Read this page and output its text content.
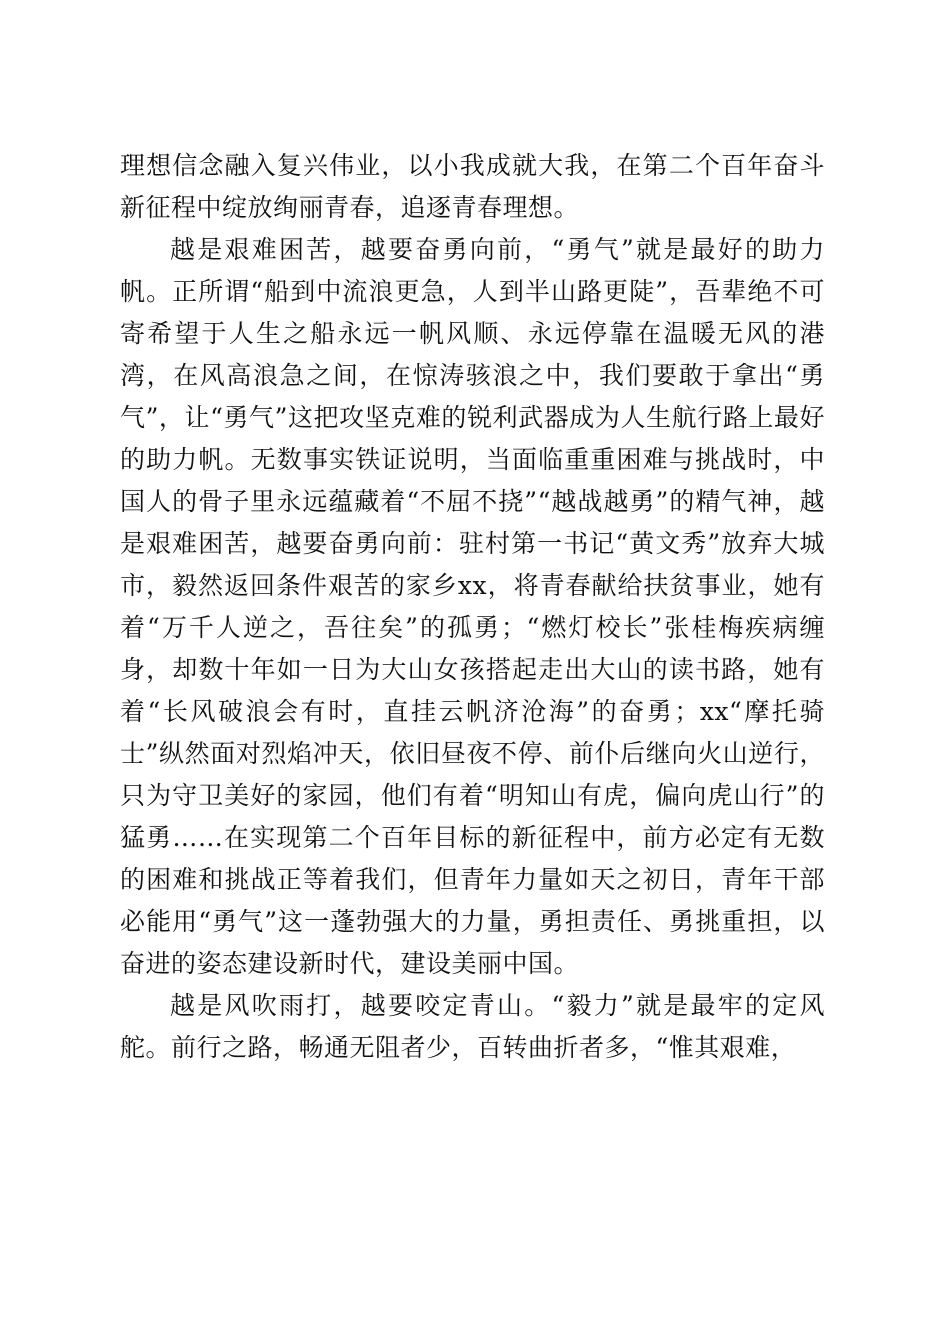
理想信念融入复兴伟业，以小我成就大我，在第二个百年奋斗新征程中绽放绚丽青春，追逐青春理想。

越是艰难困苦，越要奋勇向前，“勇气”就是最好的助力帆。正所谓“船到中流浪更急，人到半山路更陡”，吾辈绝不可寄希望于人生之船永远一帆风顺、永远停靠在温暖无风的港湾，在风高浪急之间，在惊涛骇浪之中，我们要敢于拿出“勇气”，让“勇气”这把攻坚克难的锐利武器成为人生航行路上最好的助力帆。无数事实铁证说明，当面临重重困难与挑战时，中国人的骨子里永远蕴藏着“不屈不挠”“越战越勇”的精气神，越是艰难困苦，越要奋勇向前：驻村第一书记“黄文秀”放弃大城市，毅然返回条件艰苦的家乡xx，将青春献给扶贫事业，她有着“万千人逆之，吾往矣”的孤勇；“燃灯校长”张桂梅疾病缠身，却数十年如一日为大山女孩搭起走出大山的读书路，她有着“长风破浪会有时，直挂云帆济沧海”的奋勇；xx“摩托骑士”纵然面对烈焰冲天，依旧昼夜不停、前仆后继向火山逆行，只为守卫美好的家园，他们有着“明知山有虎，偏向虎山行”的猛勇……在实现第二个百年目标的新征程中，前方必定有无数的困难和挑战正等着我们，但青年力量如天之初日，青年干部必能用“勇气”这一蓬勃强大的力量，勇担责任、勇挑重担，以奋进的姿态建设新时代，建设美丽中国。

越是风吹雨打，越要咬定青山。“毅力”就是最牢的定风舵。前行之路，畅通无阻者少，百转曲折者多，“惟其艰难，
